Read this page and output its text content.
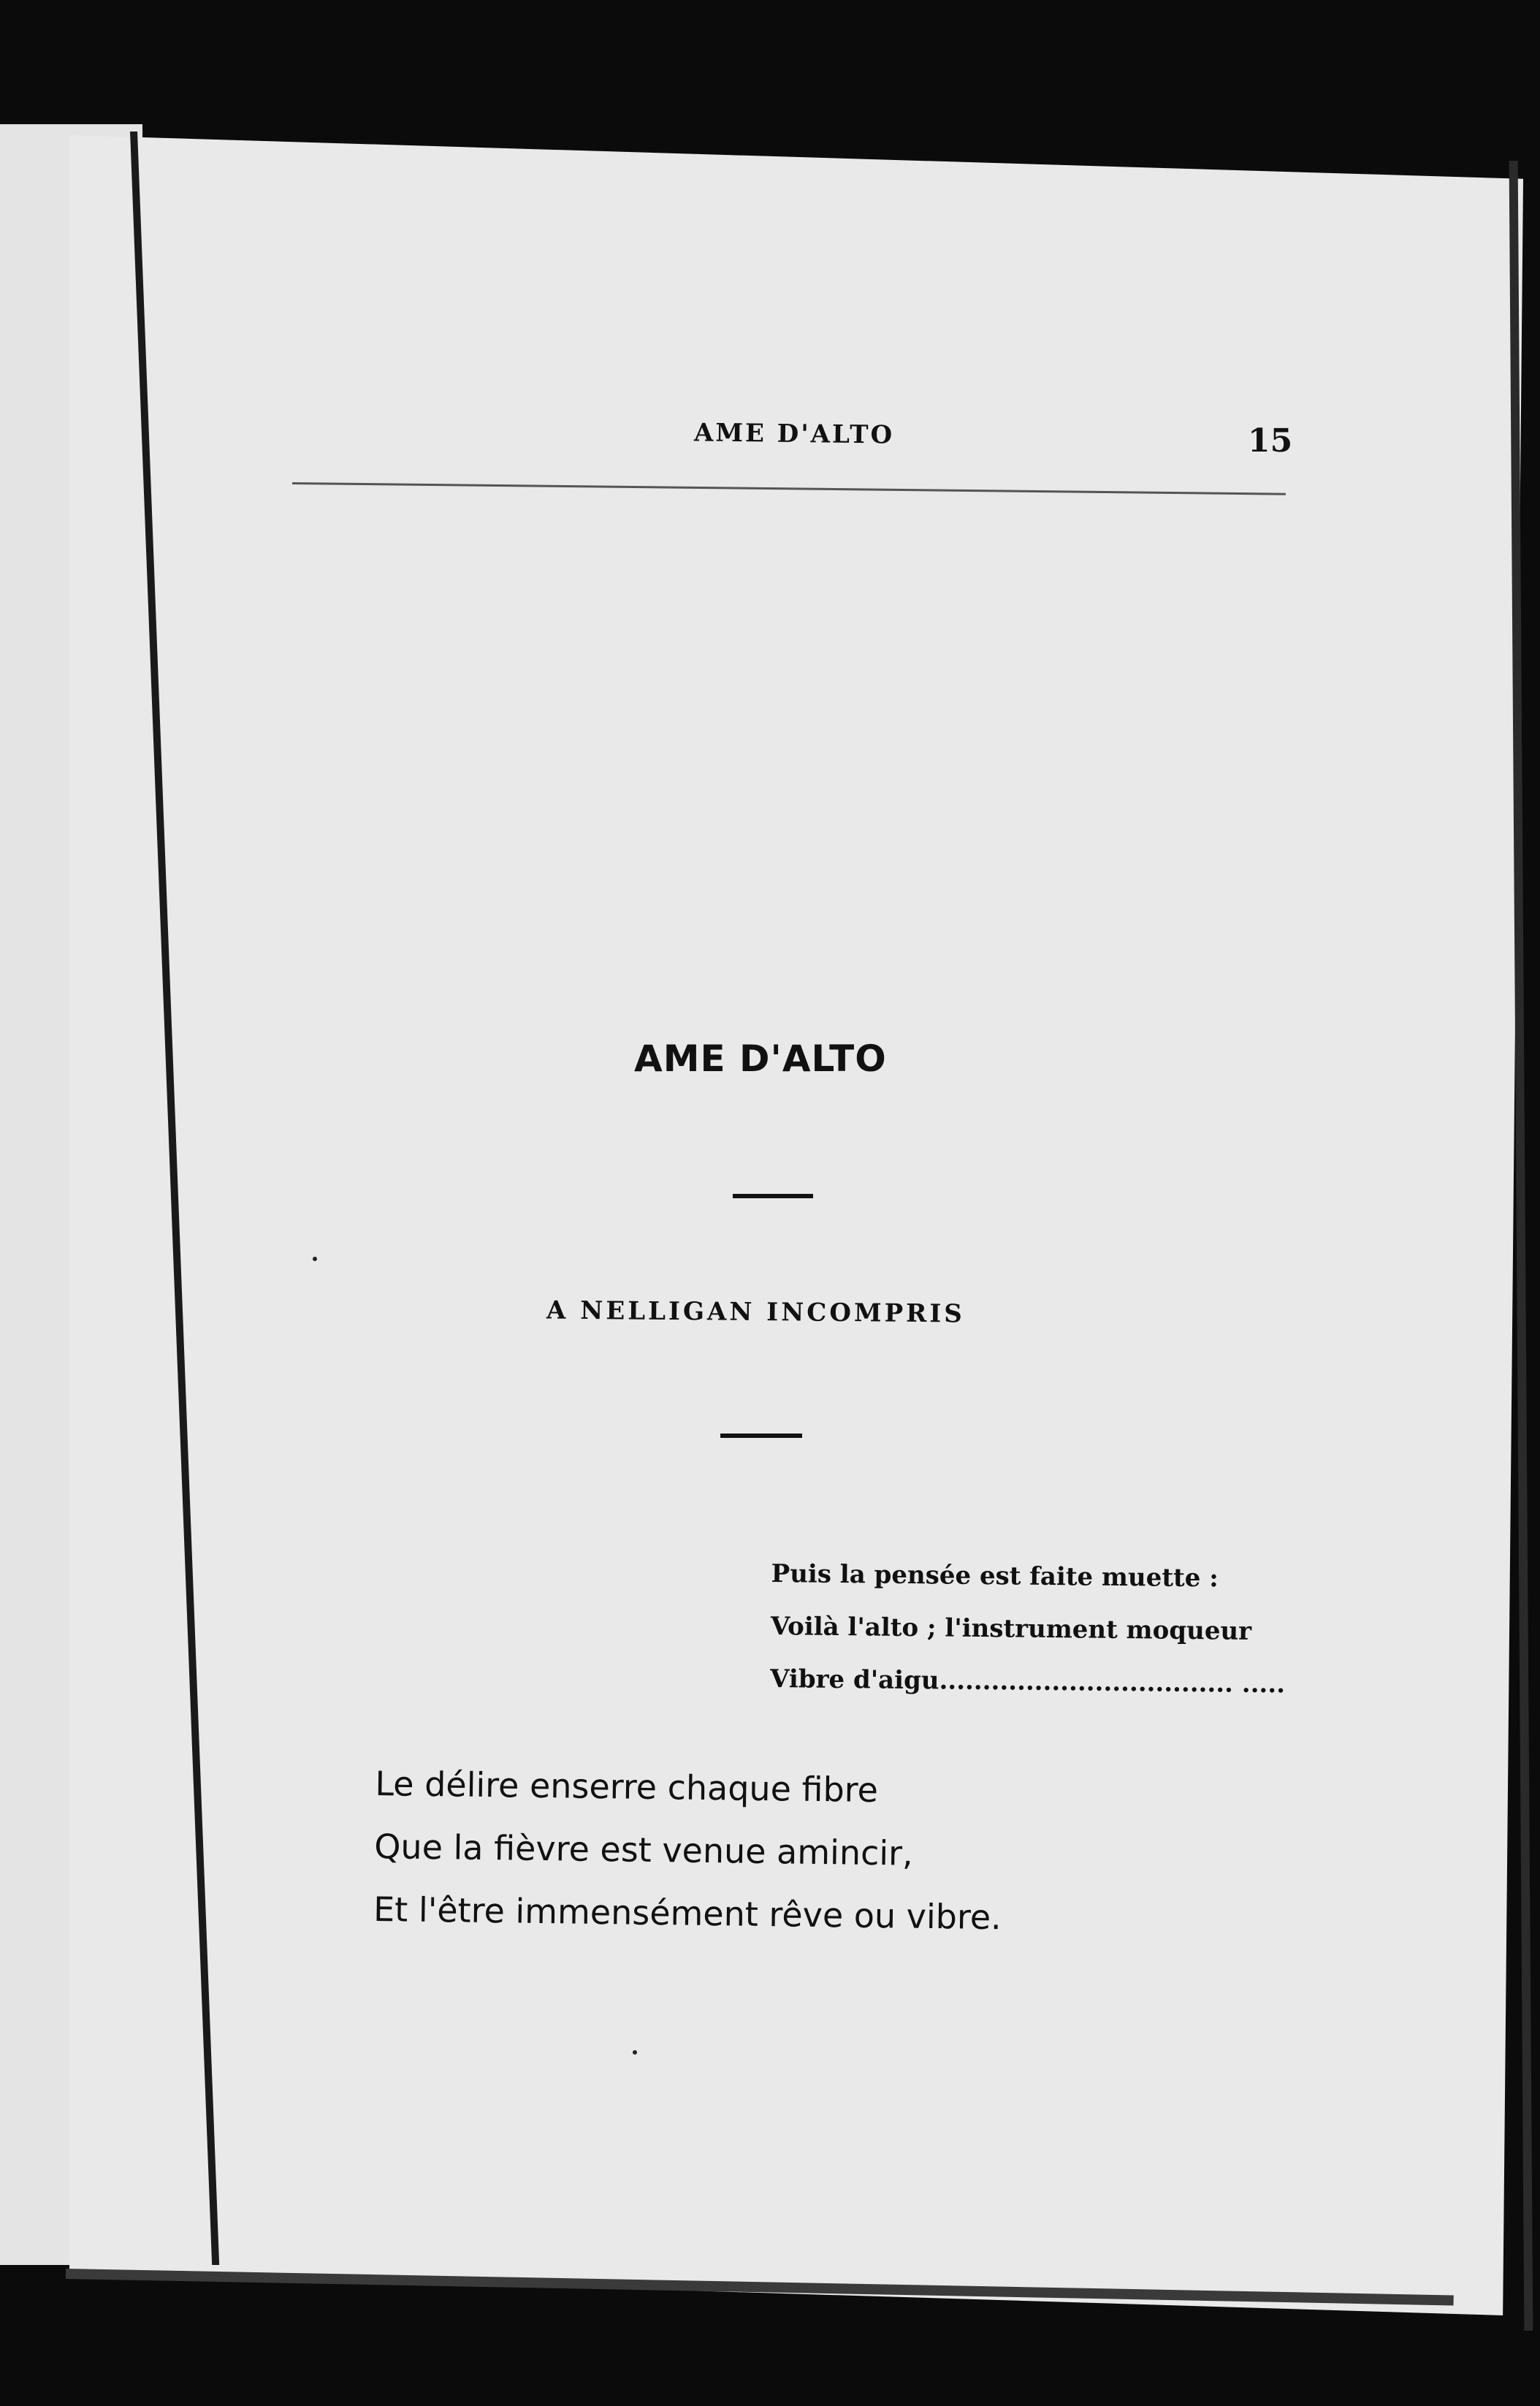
AME D'ALTO	15
AME D'ALTO
A NELLIGAN INCOMPRIS
Puis la pensée est faite muette :
Voilà l'alto ; l'instrument moqueur
Vibre d'aigu.................................. .....
Le délire enserre chaque fibre
Que la fièvre est venue amincir,
Et l'être immensément rêve ou vibre.
